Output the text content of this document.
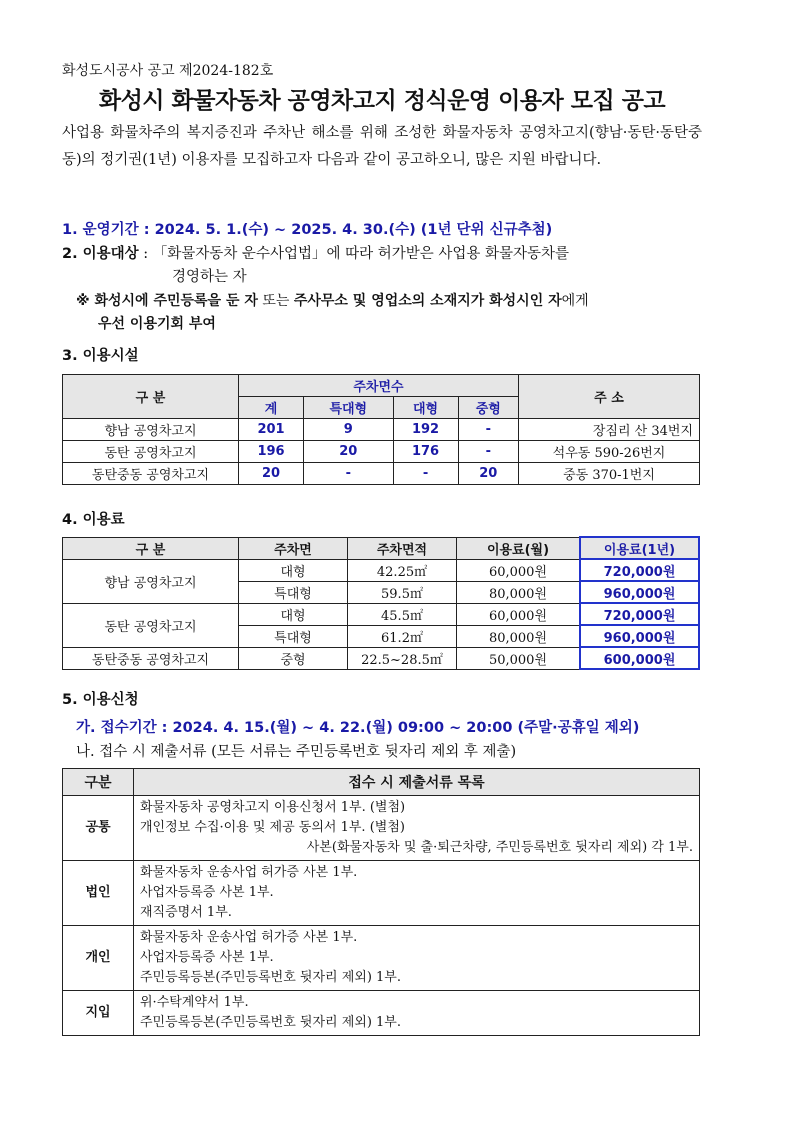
화성도시공사 공고 제2024-182호
화성시 화물자동차 공영차고지 정식운영 이용자 모집 공고
사업용 화물차주의 복지증진과 주차난 해소를 위해 조성한 화물자동차 공영차고지(향남·동탄·동탄중동)의 정기권(1년) 이용자를 모집하고자 다음과 같이 공고하오니, 많은 지원 바랍니다.
1. 운영기간 : 2024. 5. 1.(수) ~ 2025. 4. 30.(수) (1년 단위 신규추첨)
2. 이용대상 : 「화물자동차 운수사업법」에 따라 허가받은 사업용 화물자동차를
경영하는 자
※ 화성시에 주민등록을 둔 자 또는 주사무소 및 영업소의 소재지가 화성시인 자에게
우선 이용기회 부여
3. 이용시설
구 분	주차면수				주 소
	계	특대형	대형	중형	
향남 공영차고지	201	9	192	-	장짐리 산 34번지
동탄 공영차고지	196	20	176	-	석우동 590-26번지
동탄중동 공영차고지	20	-	-	20	중동 370-1번지
4. 이용료
구 분	주차면	주차면적	이용료(월)	이용료(1년)
향남 공영차고지	대형	42.25㎡	60,000원	720,000원
	특대형	59.5㎡	80,000원	960,000원
동탄 공영차고지	대형	45.5㎡	60,000원	720,000원
	특대형	61.2㎡	80,000원	960,000원
동탄중동 공영차고지	중형	22.5~28.5㎡	50,000원	600,000원
5. 이용신청
가. 접수기간 : 2024. 4. 15.(월) ~ 4. 22.(월) 09:00 ~ 20:00 (주말·공휴일 제외)
나. 접수 시 제출서류 (모든 서류는 주민등록번호 뒷자리 제외 후 제출)
구분	접수 시 제출서류 목록
공통	화물자동차 공영차고지 이용신청서 1부. (별첨)
개인정보 수집·이용 및 제공 동의서 1부. (별첨)
사본(화물자동차 및 출·퇴근차량, 주민등록번호 뒷자리 제외) 각 1부.

법인	화물자동차 운송사업 허가증 사본 1부.
사업자등록증 사본 1부.
재직증명서 1부.

개인	화물자동차 운송사업 허가증 사본 1부.
사업자등록증 사본 1부.
주민등록등본(주민등록번호 뒷자리 제외) 1부.

지입	위·수탁계약서 1부.
주민등록등본(주민등록번호 뒷자리 제외) 1부.
